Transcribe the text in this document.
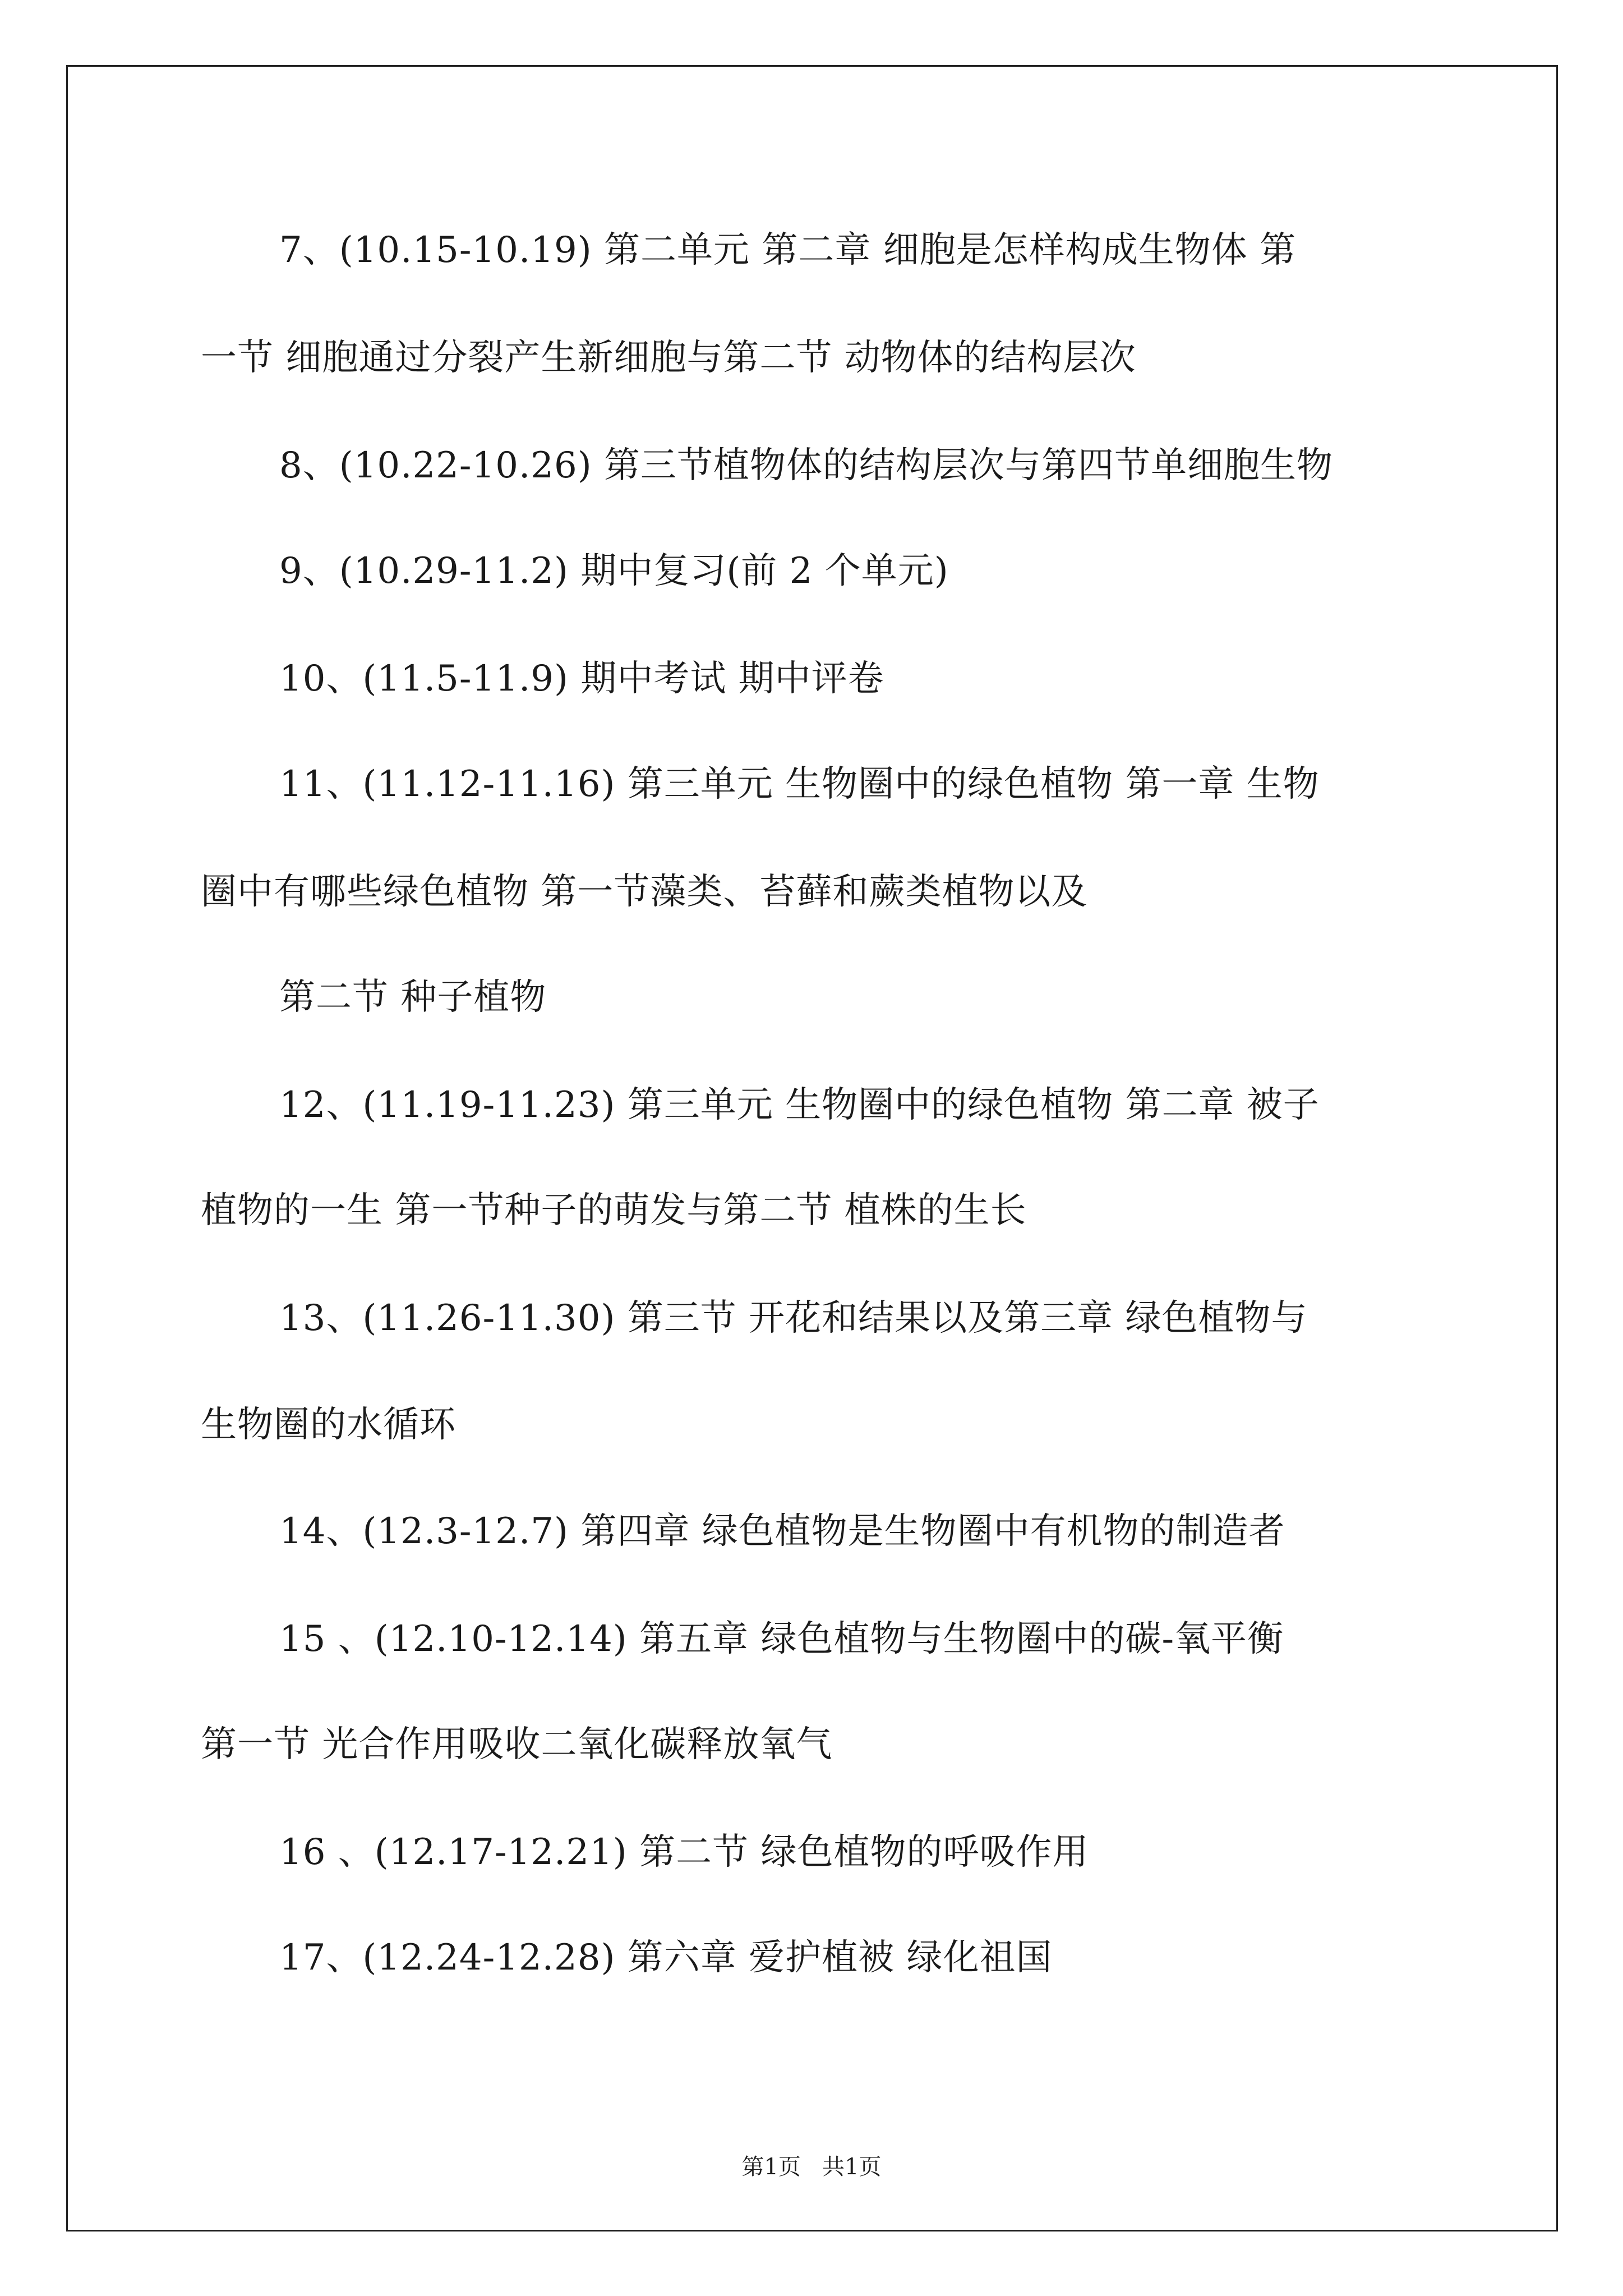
7、(10.15-10.19) 第二单元 第二章 细胞是怎样构成生物体 第
一节 细胞通过分裂产生新细胞与第二节 动物体的结构层次
8、(10.22-10.26) 第三节植物体的结构层次与第四节单细胞生物
9、(10.29-11.2) 期中复习(前 2 个单元)
10、(11.5-11.9) 期中考试 期中评卷
11、(11.12-11.16) 第三单元 生物圈中的绿色植物 第一章 生物
圈中有哪些绿色植物 第一节藻类、苔藓和蕨类植物以及
第二节 种子植物
12、(11.19-11.23) 第三单元 生物圈中的绿色植物 第二章 被子
植物的一生 第一节种子的萌发与第二节 植株的生长
13、(11.26-11.30) 第三节 开花和结果以及第三章 绿色植物与
生物圈的水循环
14、(12.3-12.7) 第四章 绿色植物是生物圈中有机物的制造者
15 、(12.10-12.14) 第五章 绿色植物与生物圈中的碳-氧平衡
第一节 光合作用吸收二氧化碳释放氧气
16 、(12.17-12.21) 第二节 绿色植物的呼吸作用
17、(12.24-12.28) 第六章 爱护植被 绿化祖国
第1页   共1页
